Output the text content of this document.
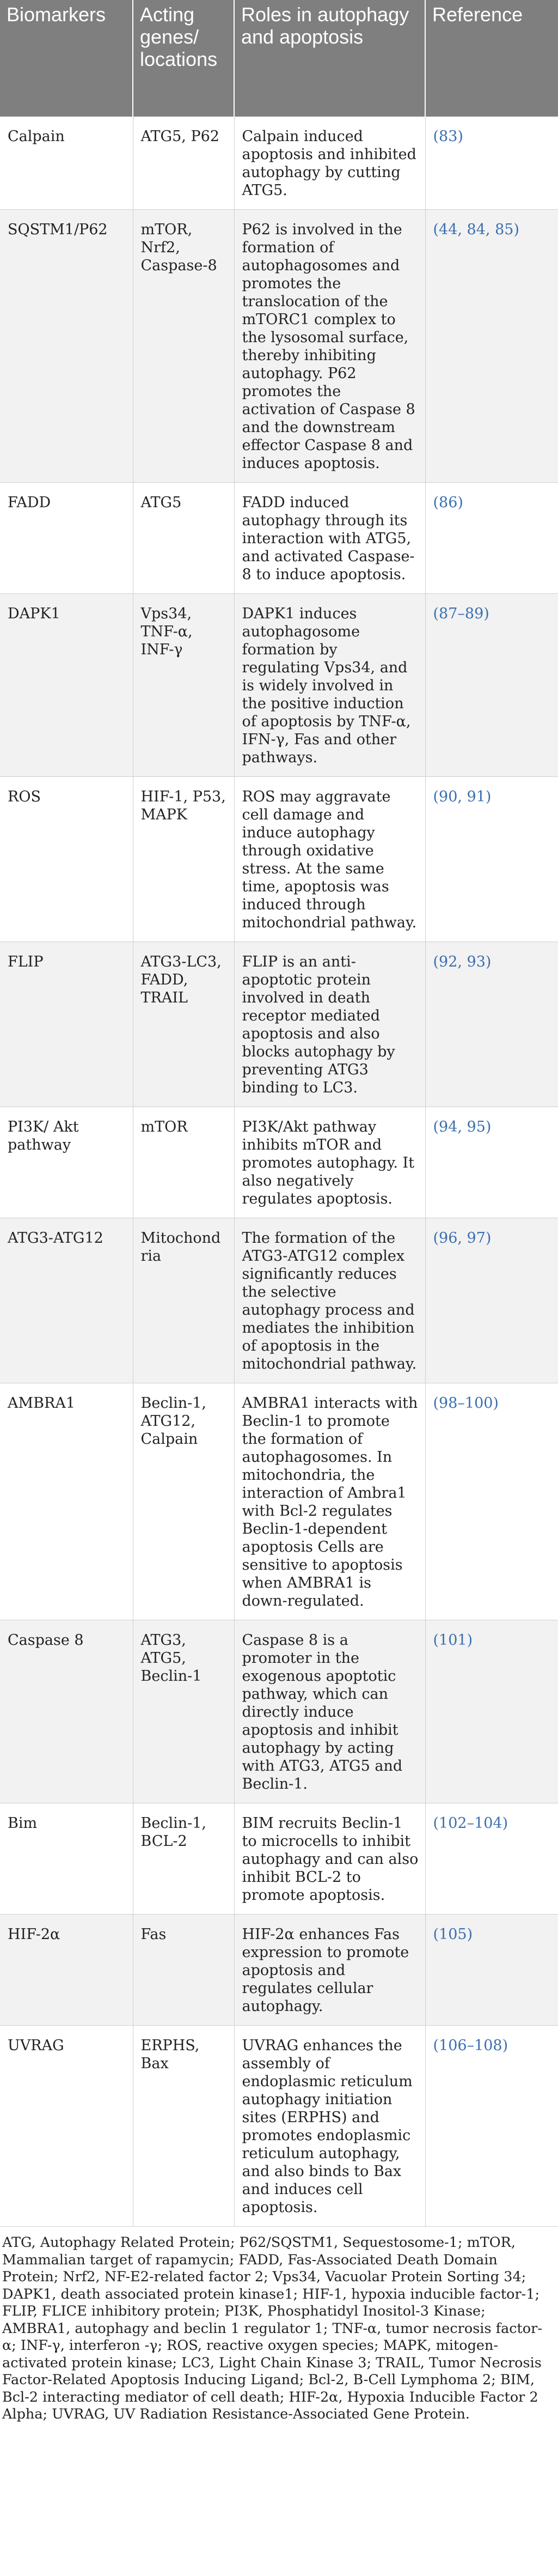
Biomarkers	Acting genes/ locations	Roles in autophagy and apoptosis	Reference
Calpain	ATG5, P62	Calpain induced apoptosis and inhibited autophagy by cutting ATG5.	(83)
SQSTM1/P62	mTOR, Nrf2, Caspase-8	P62 is involved in the formation of autophagosomes and promotes the translocation of the mTORC1 complex to the lysosomal surface, thereby inhibiting autophagy. P62 promotes the activation of Caspase 8 and the downstream effector Caspase 8 and induces apoptosis.	(44, 84, 85)
FADD	ATG5	FADD induced autophagy through its interaction with ATG5, and activated Caspase-8 to induce apoptosis.	(86)
DAPK1	Vps34, TNF-α, INF-γ	DAPK1 induces autophagosome formation by regulating Vps34, and is widely involved in the positive induction of apoptosis by TNF-α, IFN-γ, Fas and other pathways.	(87–89)
ROS	HIF-1, P53, MAPK	ROS may aggravate cell damage and induce autophagy through oxidative stress. At the same time, apoptosis was induced through mitochondrial pathway.	(90, 91)
FLIP	ATG3-LC3, FADD, TRAIL	FLIP is an anti-apoptotic protein involved in death receptor mediated apoptosis and also blocks autophagy by preventing ATG3 binding to LC3.	(92, 93)
PI3K/ Akt pathway	mTOR	PI3K/Akt pathway inhibits mTOR and promotes autophagy. It also negatively regulates apoptosis.	(94, 95)
ATG3-ATG12	Mitochondria	The formation of the ATG3-ATG12 complex significantly reduces the selective autophagy process and mediates the inhibition of apoptosis in the mitochondrial pathway.	(96, 97)
AMBRA1	Beclin-1, ATG12, Calpain	AMBRA1 interacts with Beclin-1 to promote the formation of autophagosomes. In mitochondria, the interaction of Ambra1 with Bcl-2 regulates Beclin-1-dependent apoptosis Cells are sensitive to apoptosis when AMBRA1 is down-regulated.	(98–100)
Caspase 8	ATG3, ATG5, Beclin-1	Caspase 8 is a promoter in the exogenous apoptotic pathway, which can directly induce apoptosis and inhibit autophagy by acting with ATG3, ATG5 and Beclin-1.	(101)
Bim	Beclin-1, BCL-2	BIM recruits Beclin-1 to microcells to inhibit autophagy and can also inhibit BCL-2 to promote apoptosis.	(102–104)
HIF-2α	Fas	HIF-2α enhances Fas expression to promote apoptosis and regulates cellular autophagy.	(105)
UVRAG	ERPHS, Bax	UVRAG enhances the assembly of endoplasmic reticulum autophagy initiation sites (ERPHS) and promotes endoplasmic reticulum autophagy, and also binds to Bax and induces cell apoptosis.	(106–108)
ATG, Autophagy Related Protein; P62/SQSTM1, Sequestosome-1; mTOR, Mammalian target of rapamycin; FADD, Fas-Associated Death Domain Protein; Nrf2, NF-E2-related factor 2; Vps34, Vacuolar Protein Sorting 34; DAPK1, death associated protein kinase1; HIF-1, hypoxia inducible factor-1; FLIP, FLICE inhibitory protein; PI3K, Phosphatidyl Inositol-3 Kinase; AMBRA1, autophagy and beclin 1 regulator 1; TNF-α, tumor necrosis factor-α; INF-γ, interferon -γ; ROS, reactive oxygen species; MAPK, mitogen-activated protein kinase; LC3, Light Chain Kinase 3; TRAIL, Tumor Necrosis Factor-Related Apoptosis Inducing Ligand; Bcl-2, B-Cell Lymphoma 2; BIM, Bcl-2 interacting mediator of cell death; HIF-2α, Hypoxia Inducible Factor 2 Alpha; UVRAG, UV Radiation Resistance-Associated Gene Protein.
